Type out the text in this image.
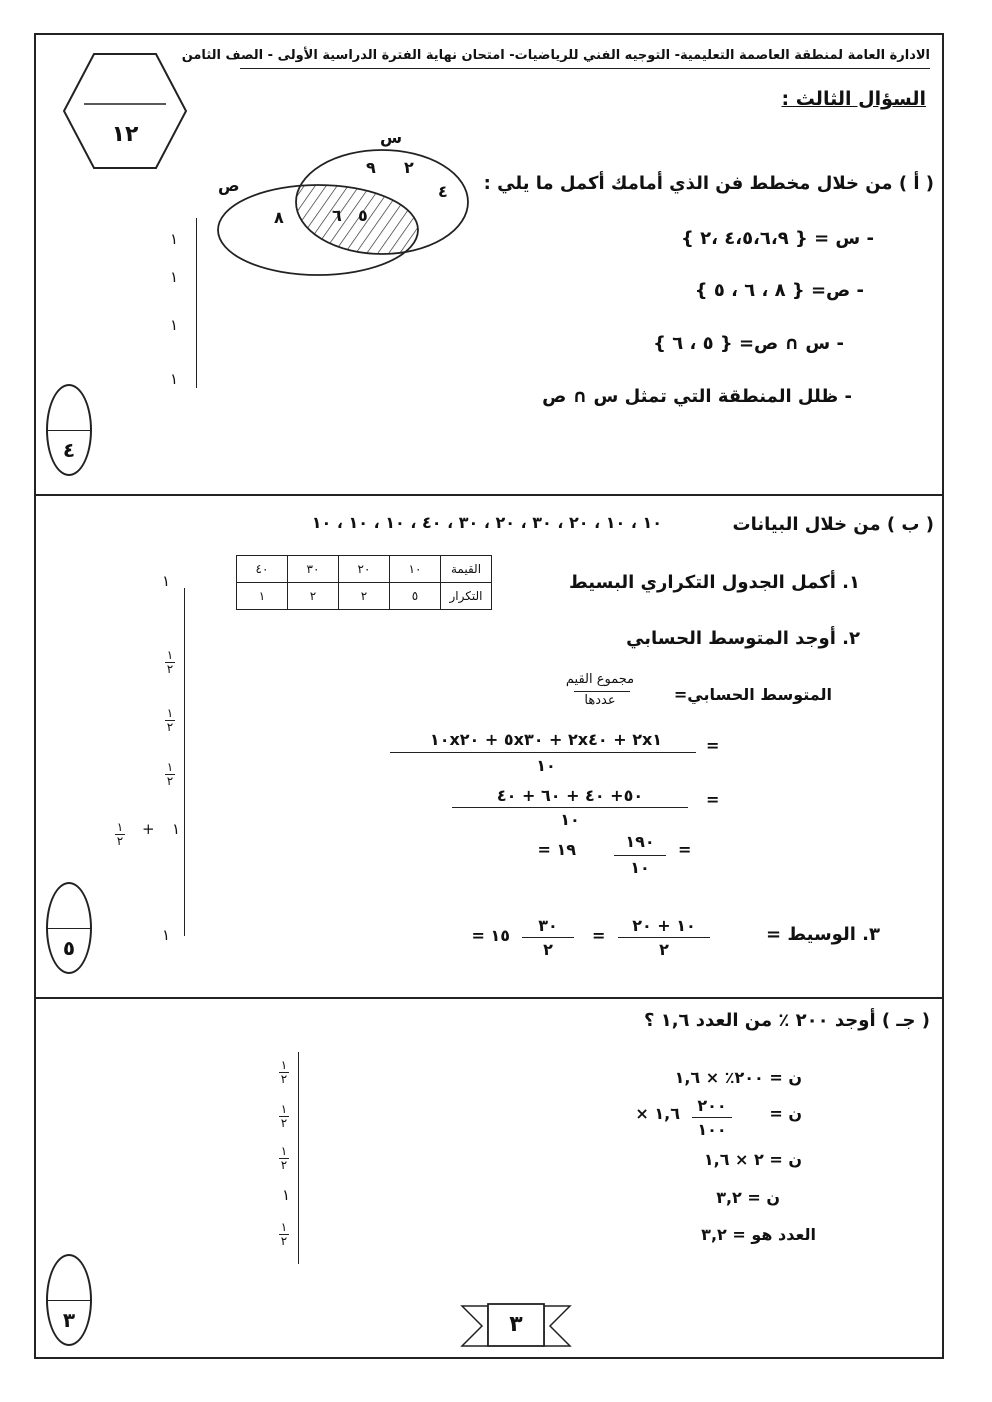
الادارة العامة لمنطقة العاصمة التعليمية- التوجيه الفني للرياضيات- امتحان نهاية الفترة الدراسية الأولى - الصف الثامن
١٢
السؤال الثالث :
( أ ) من خلال مخطط فن الذي أمامك أكمل ما يلي :
س
ص
٩ ٢
٤
٦ ٥
٨
- س = { ٤،٥،٦،٩ ،٢ }
- ص= { ٨ ، ٦ ، ٥ }
- س ∩ ص= { ٥ ، ٦ }
- ظلل المنطقة التي تمثل س ∩ ص
١
١
١
١
٤
( ب ) من خلال البيانات
١٠ ، ١٠ ، ٢٠ ، ٣٠ ، ٢٠ ، ٣٠ ، ٤٠ ، ١٠ ، ١٠ ، ١٠
القيمة	١٠	٢٠	٣٠	٤٠
التكرار	٥	٢	٢	١
١. أكمل الجدول التكراري البسيط
٢. أوجد المتوسط الحسابي
المتوسط الحسابي=
مجموع القيم
عددها
=
١٠x٥ + ٢٠x٢ + ٣٠x٢ + ٤٠x١
١٠
=
٥٠+ ٤٠ + ٦٠ + ٤٠
١٠
=
١٩٠
١٠
= ١٩
٣. الوسيط =
١٠ + ٢٠
٢
=
٣٠
٢
= ١٥
١
١
٢
١
٢
١
٢
١
٢
+ ١
١
٥
( جـ ) أوجد ٢٠٠ ٪ من العدد ١,٦ ؟
ن = ٢٠٠٪ × ١,٦
ن =
٢٠٠
١٠٠
× ١,٦
ن = ٢ × ١,٦
ن = ٣,٢
العدد هو = ٣,٢
١
٢
١
٢
١
٢
١
١
٢
٣	٣
